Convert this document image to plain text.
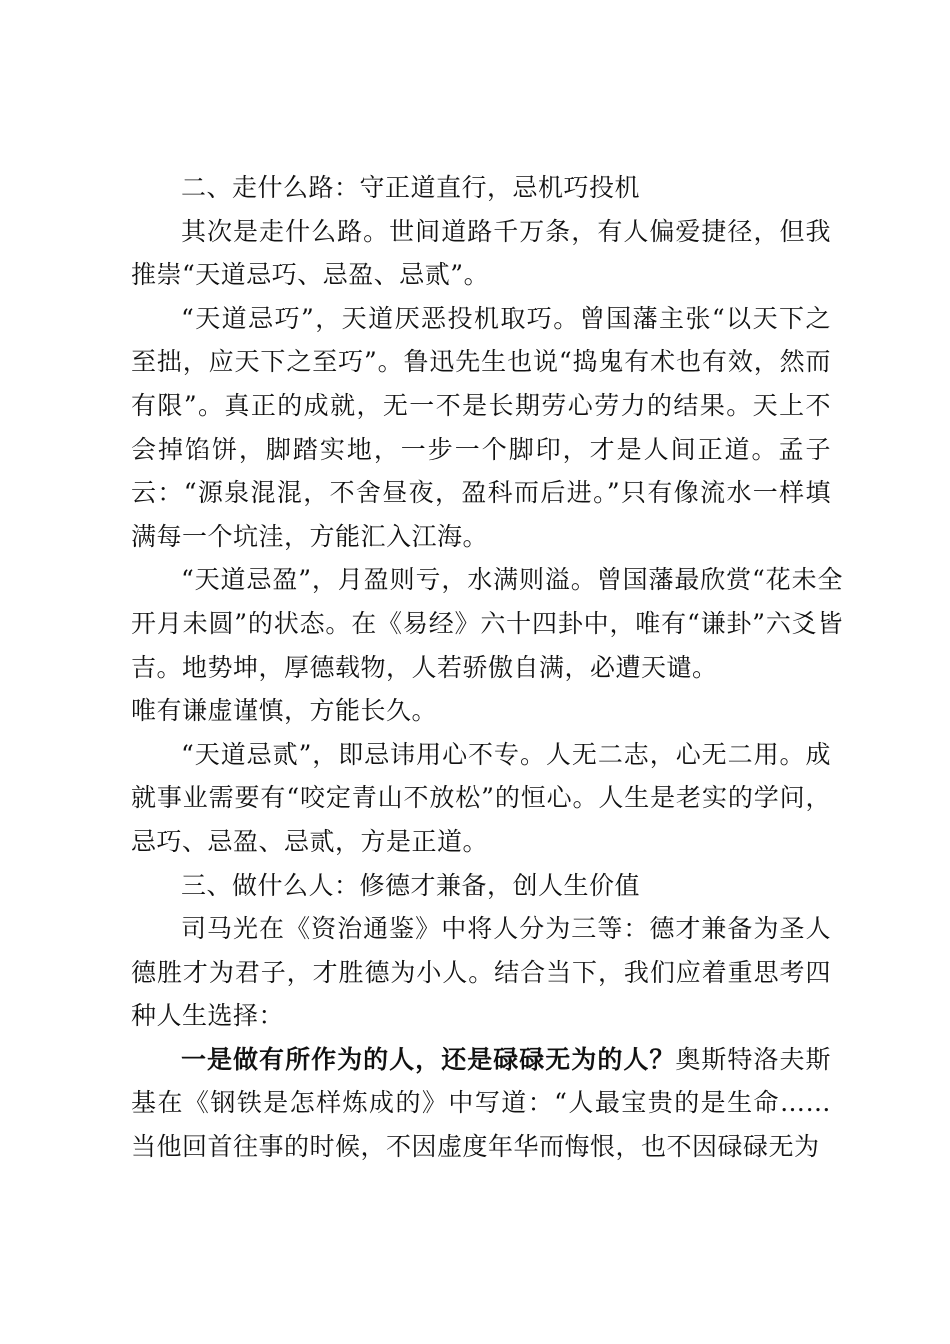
二、走什么路：守正道直行，忌机巧投机

其次是走什么路。世间道路千万条，有人偏爱捷径，但我推崇“天道忌巧、忌盈、忌贰”。

“天道忌巧”，天道厌恶投机取巧。曾国藩主张“以天下之至拙，应天下之至巧”。鲁迅先生也说“捣鬼有术也有效，然而有限”。真正的成就，无一不是长期劳心劳力的结果。天上不会掉馅饼，脚踏实地，一步一个脚印，才是人间正道。孟子云：“源泉混混，不舍昼夜，盈科而后进。”只有像流水一样填满每一个坑洼，方能汇入江海。

“天道忌盈”，月盈则亏，水满则溢。曾国藩最欣赏“花未全开月未圆”的状态。在《易经》六十四卦中，唯有“谦卦”六爻皆吉。地势坤，厚德载物，人若骄傲自满，必遭天谴。
唯有谦虚谨慎，方能长久。

“天道忌贰”，即忌讳用心不专。人无二志，心无二用。成就事业需要有“咬定青山不放松”的恒心。人生是老实的学问，忌巧、忌盈、忌贰，方是正道。

三、做什么人：修德才兼备，创人生价值

司马光在《资治通鉴》中将人分为三等：德才兼备为圣人德胜才为君子，才胜德为小人。结合当下，我们应着重思考四种人生选择：

一是做有所作为的人，还是碌碌无为的人？奥斯特洛夫斯基在《钢铁是怎样炼成的》中写道：“人最宝贵的是生命……当他回首往事的时候，不因虚度年华而悔恨，也不因碌碌无为
